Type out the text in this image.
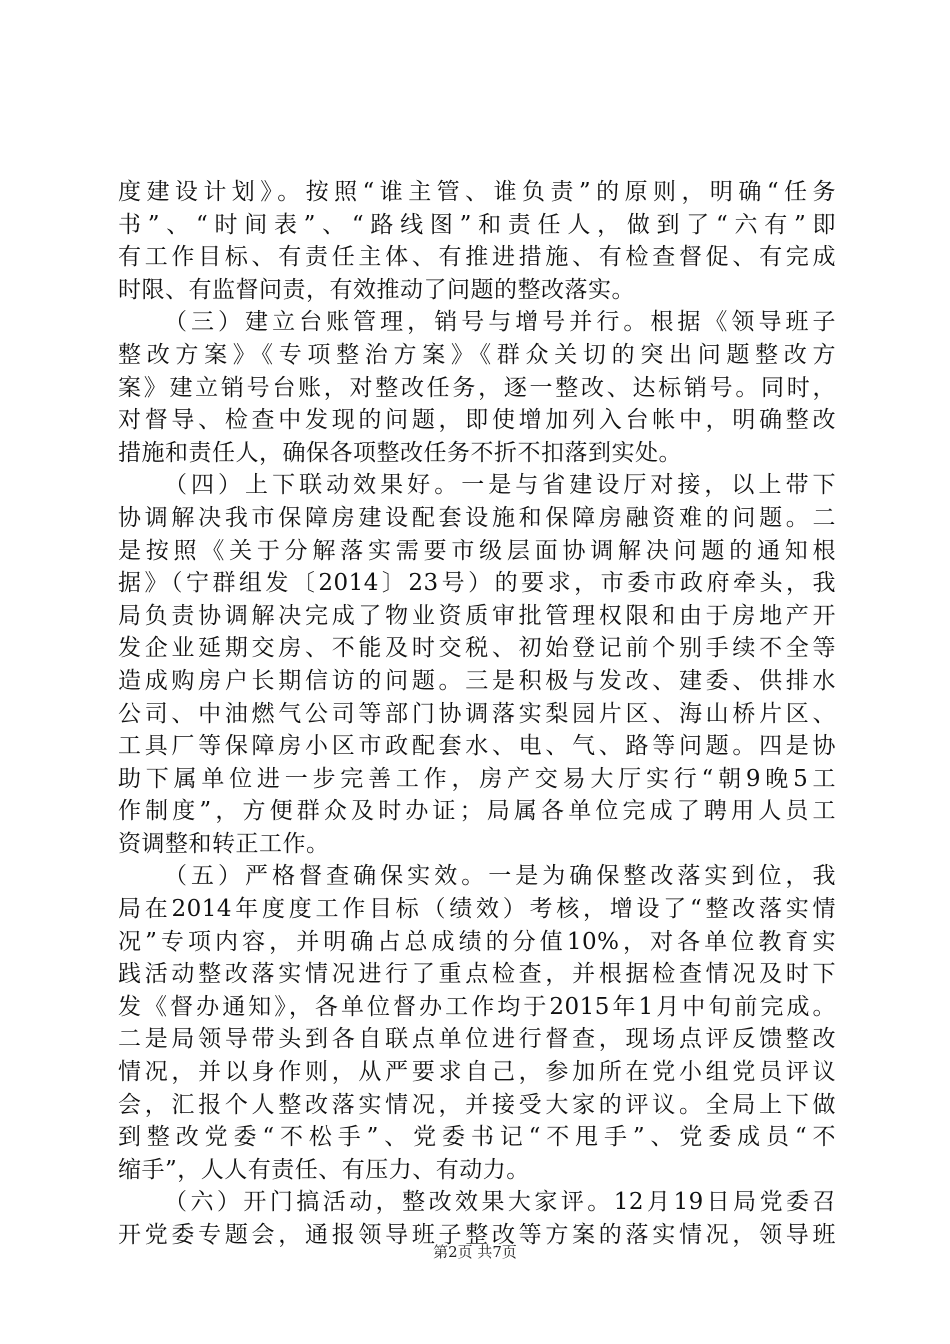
度建设计划》。按照“谁主管、谁负责”的原则，明确“任务
书”、“时间表”、“路线图”和责任人，做到了“六有”即
有工作目标、有责任主体、有推进措施、有检查督促、有完成
时限、有监督问责，有效推动了问题的整改落实。
（三）建立台账管理，销号与增号并行。根据《领导班子
整改方案》《专项整治方案》《群众关切的突出问题整改方
案》建立销号台账，对整改任务，逐一整改、达标销号。同时，
对督导、检查中发现的问题，即使增加列入台帐中，明确整改
措施和责任人，确保各项整改任务不折不扣落到实处。
（四）上下联动效果好。一是与省建设厅对接，以上带下
协调解决我市保障房建设配套设施和保障房融资难的问题。二
是按照《关于分解落实需要市级层面协调解决问题的通知根
据》（宁群组发〔2014〕23号）的要求，市委市政府牵头，我
局负责协调解决完成了物业资质审批管理权限和由于房地产开
发企业延期交房、不能及时交税、初始登记前个别手续不全等
造成购房户长期信访的问题。三是积极与发改、建委、供排水
公司、中油燃气公司等部门协调落实梨园片区、海山桥片区、
工具厂等保障房小区市政配套水、电、气、路等问题。四是协
助下属单位进一步完善工作，房产交易大厅实行“朝9晚5工
作制度”，方便群众及时办证；局属各单位完成了聘用人员工
资调整和转正工作。
（五）严格督查确保实效。一是为确保整改落实到位，我
局在2014年度度工作目标（绩效）考核，增设了“整改落实情
况”专项内容，并明确占总成绩的分值10%，对各单位教育实
践活动整改落实情况进行了重点检查，并根据检查情况及时下
发《督办通知》，各单位督办工作均于2015年1月中旬前完成。
二是局领导带头到各自联点单位进行督查，现场点评反馈整改
情况，并以身作则，从严要求自己，参加所在党小组党员评议
会，汇报个人整改落实情况，并接受大家的评议。全局上下做
到整改党委“不松手”、党委书记“不甩手”、党委成员“不
缩手”，人人有责任、有压力、有动力。
（六）开门搞活动，整改效果大家评。12月19日局党委召
开党委专题会，通报领导班子整改等方案的落实情况，领导班
第2页 共7页
